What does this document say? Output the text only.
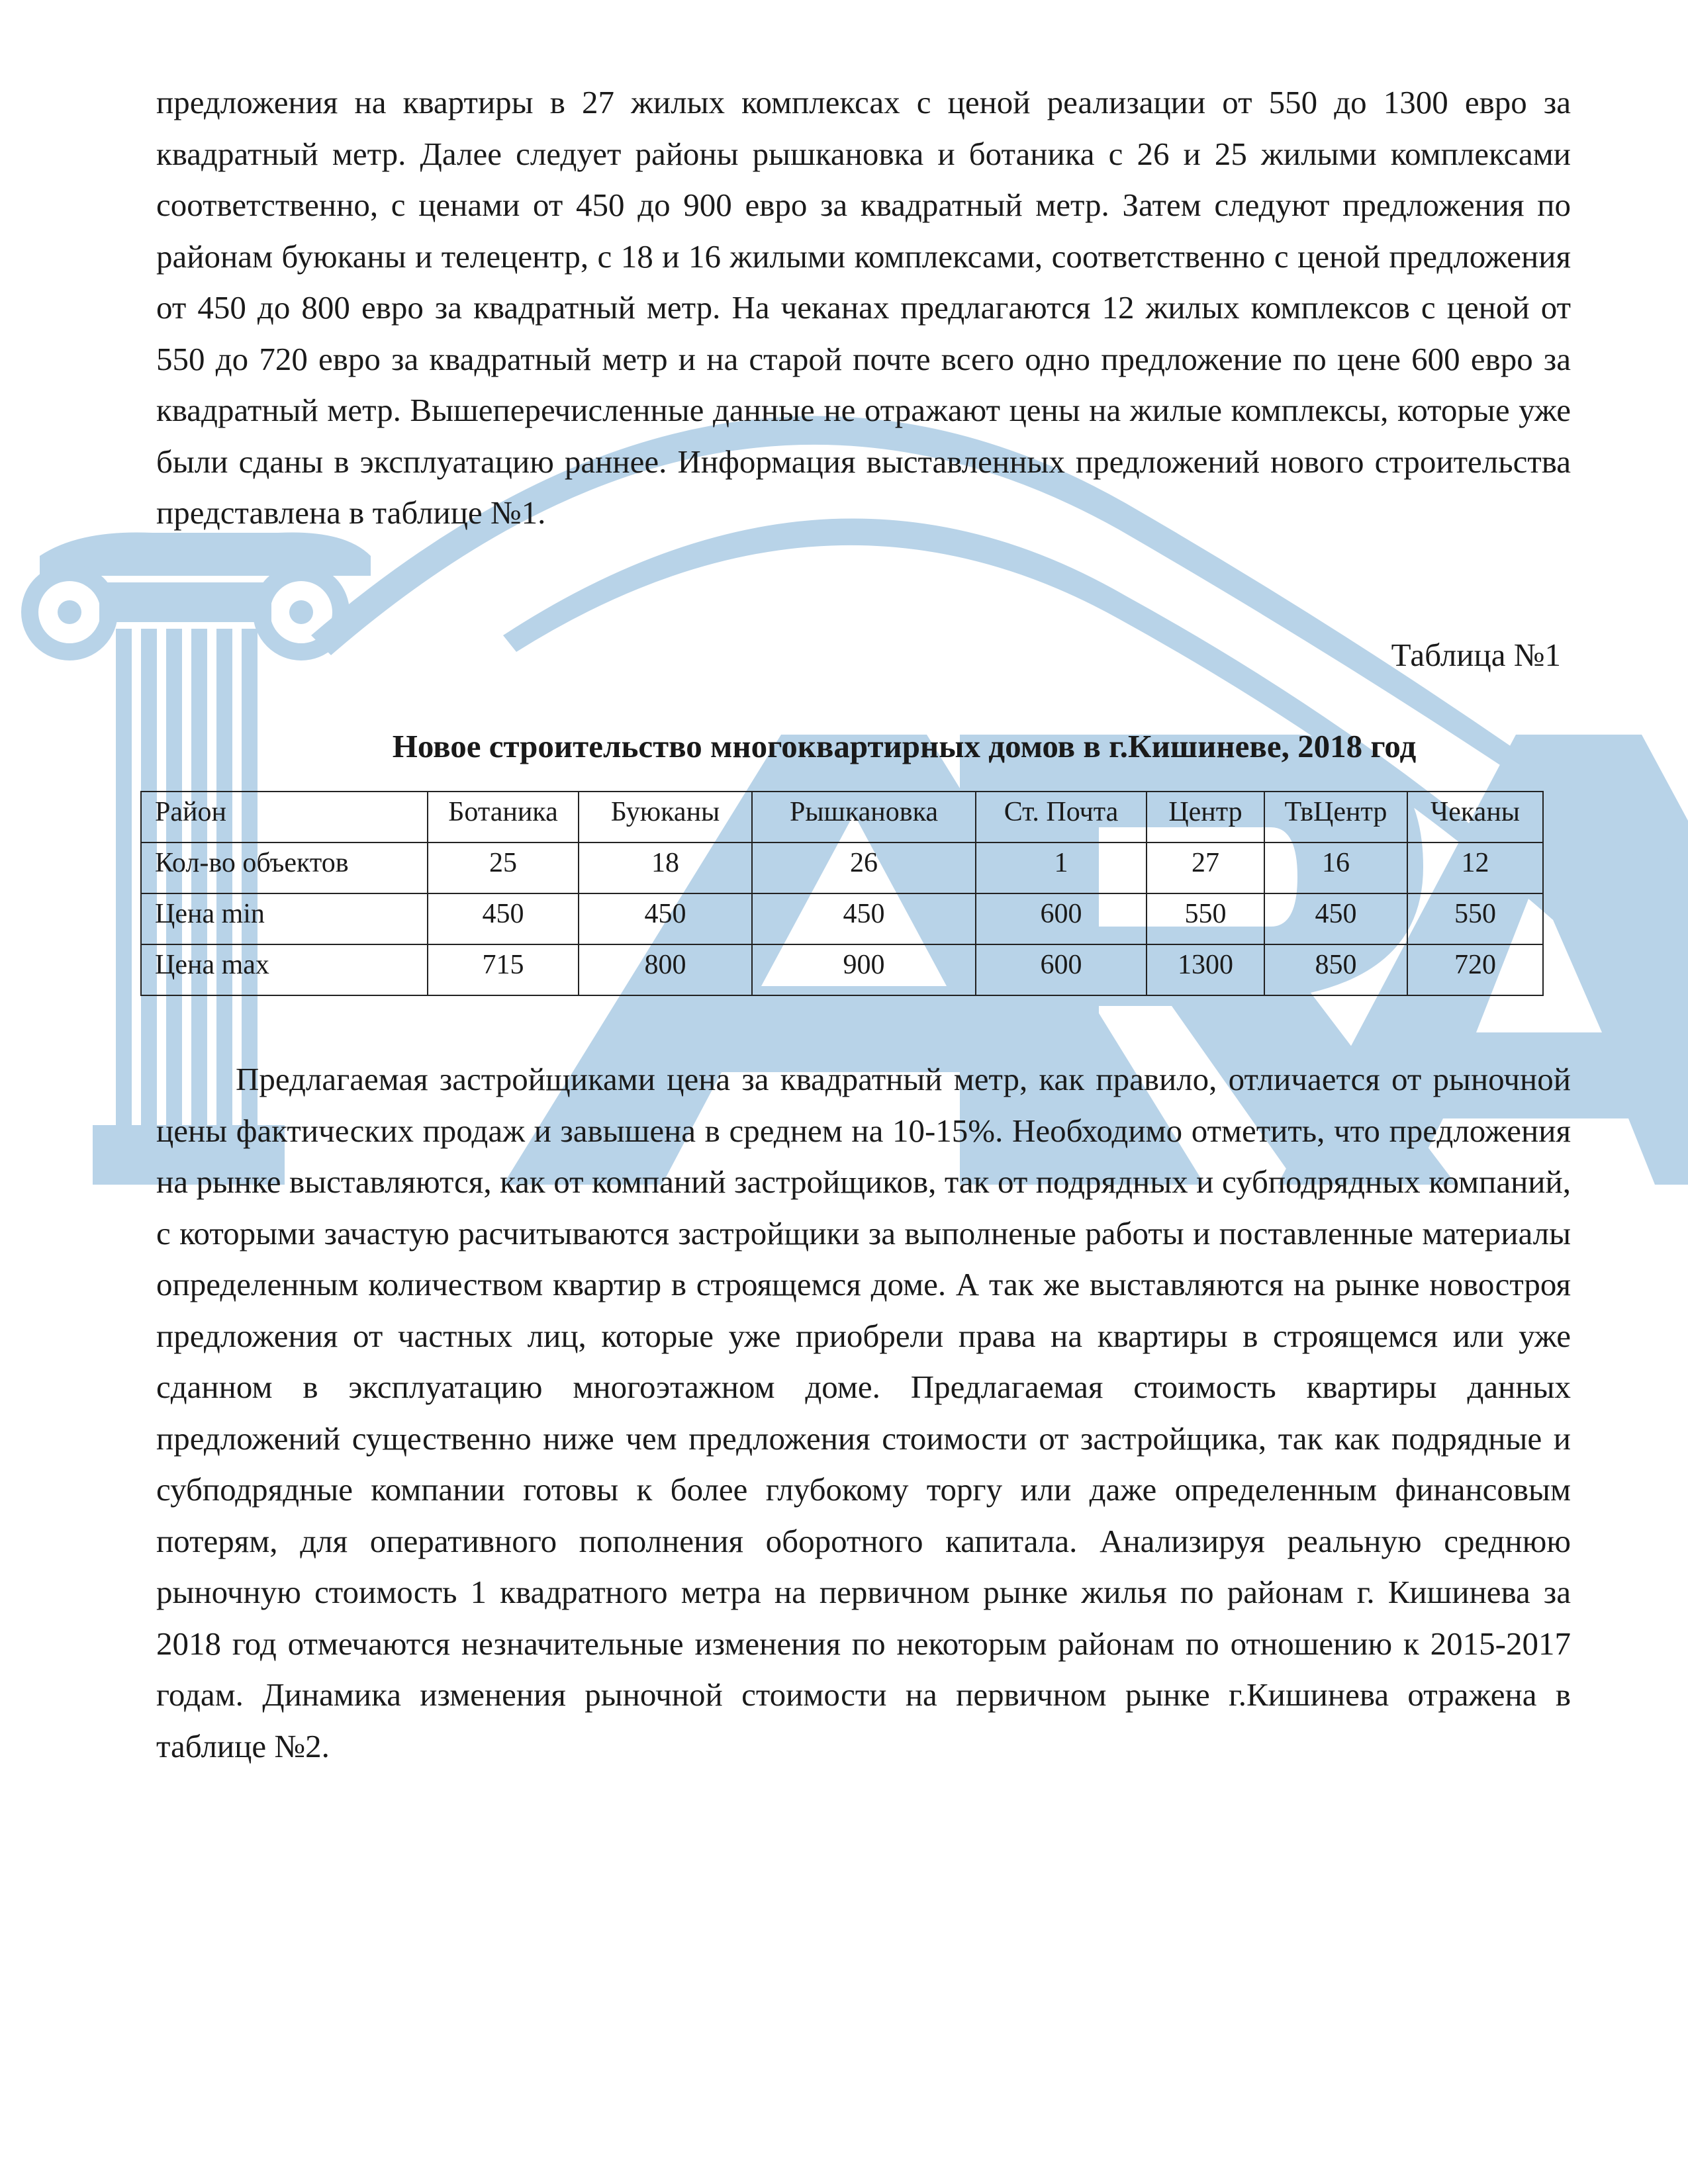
предложения на квартиры в 27 жилых комплексах с ценой реализации от 550 до 1300 евро за квадратный метр. Далее следует районы рышкановка и ботаника с 26 и 25 жилыми комплексами соответственно, с ценами от 450 до 900 евро за квадратный метр. Затем следуют предложения по районам буюканы и телецентр, с 18 и 16 жилыми комплексами, соответственно с ценой предложения от 450 до 800 евро за квадратный метр. На чеканах предлагаются 12 жилых комплексов с ценой от 550 до 720 евро за квадратный метр и на старой почте всего одно предложение по цене 600 евро за квадратный метр. Вышеперечисленные данные не отражают цены на жилые комплексы, которые уже были сданы в эксплуатацию раннее. Информация выставленных предложений нового строительства представлена в таблице №1.

Таблица №1

Новое строительство многоквартирных домов в г.Кишиневе, 2018 год

Район	Ботаника	Буюканы	Рышкановка	Ст. Почта	Центр	ТвЦентр	Чеканы
Кол-во объектов	25	18	26	1	27	16	12
Цена min	450	450	450	600	550	450	550
Цена max	715	800	900	600	1300	850	720

Предлагаемая застройщиками цена за квадратный метр, как правило, отличается от рыночной цены фактических продаж и завышена в среднем на 10-15%. Необходимо отметить, что предложения на рынке выставляются, как от компаний застройщиков, так от подрядных и субподрядных компаний, с которыми зачастую расчитываются застройщики за выполненые работы и поставленные материалы определенным количеством квартир в строящемся доме. А так же выставляются на рынке новостроя предложения от частных лиц, которые уже приобрели права на квартиры в строящемся или уже сданном в эксплуатацию многоэтажном доме. Предлагаемая стоимость квартиры данных предложений существенно ниже чем предложения стоимости от застройщика, так как подрядные и субподрядные компании готовы к более глубокому торгу или даже определенным финансовым потерям, для оперативного пополнения оборотного капитала. Анализируя реальную среднюю рыночную стоимость 1 квадратного метра на первичном рынке жилья по районам г. Кишинева за 2018 год отмечаются незначительные изменения по некоторым районам по отношению к 2015-2017 годам. Динамика изменения рыночной стоимости на первичном рынке г.Кишинева отражена в таблице №2.
